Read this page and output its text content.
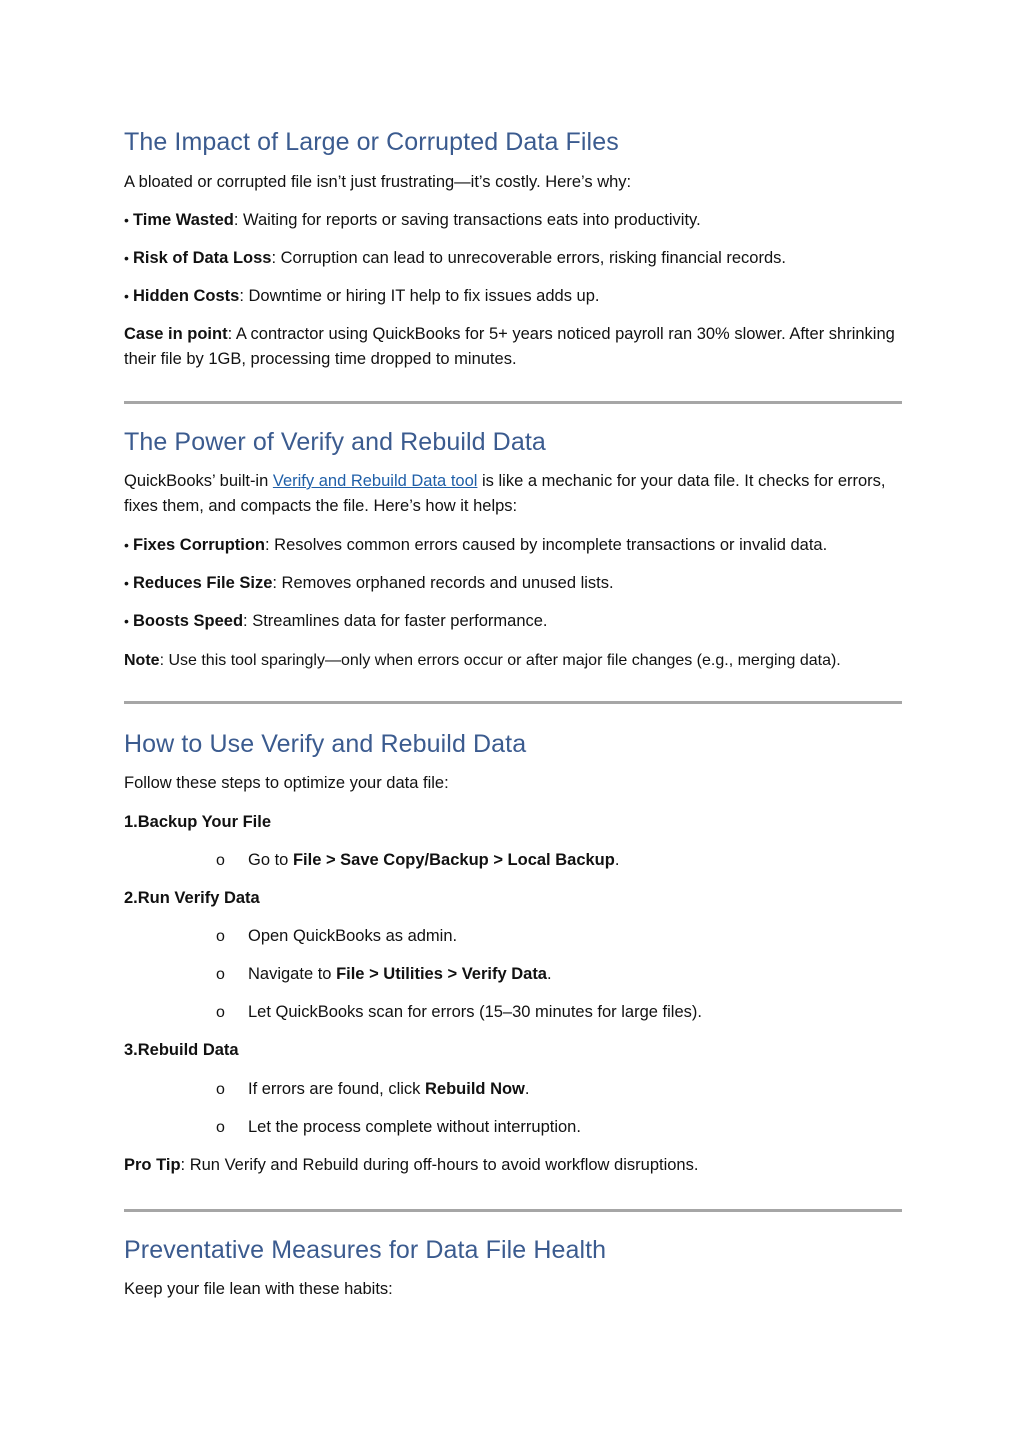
The Impact of Large or Corrupted Data Files
A bloated or corrupted file isn’t just frustrating—it’s costly. Here’s why:
• Time Wasted: Waiting for reports or saving transactions eats into productivity.
• Risk of Data Loss: Corruption can lead to unrecoverable errors, risking financial records.
• Hidden Costs: Downtime or hiring IT help to fix issues adds up.
Case in point: A contractor using QuickBooks for 5+ years noticed payroll ran 30% slower. After shrinking their file by 1GB, processing time dropped to minutes.
The Power of Verify and Rebuild Data
QuickBooks’ built-in Verify and Rebuild Data tool is like a mechanic for your data file. It checks for errors, fixes them, and compacts the file. Here’s how it helps:
• Fixes Corruption: Resolves common errors caused by incomplete transactions or invalid data.
• Reduces File Size: Removes orphaned records and unused lists.
• Boosts Speed: Streamlines data for faster performance.
Note: Use this tool sparingly—only when errors occur or after major file changes (e.g., merging data).
How to Use Verify and Rebuild Data
Follow these steps to optimize your data file:
1.Backup Your File
o Go to File > Save Copy/Backup > Local Backup.
2.Run Verify Data
o Open QuickBooks as admin.
o Navigate to File > Utilities > Verify Data.
o Let QuickBooks scan for errors (15–30 minutes for large files).
3.Rebuild Data
o If errors are found, click Rebuild Now.
o Let the process complete without interruption.
Pro Tip: Run Verify and Rebuild during off-hours to avoid workflow disruptions.
Preventative Measures for Data File Health
Keep your file lean with these habits:
